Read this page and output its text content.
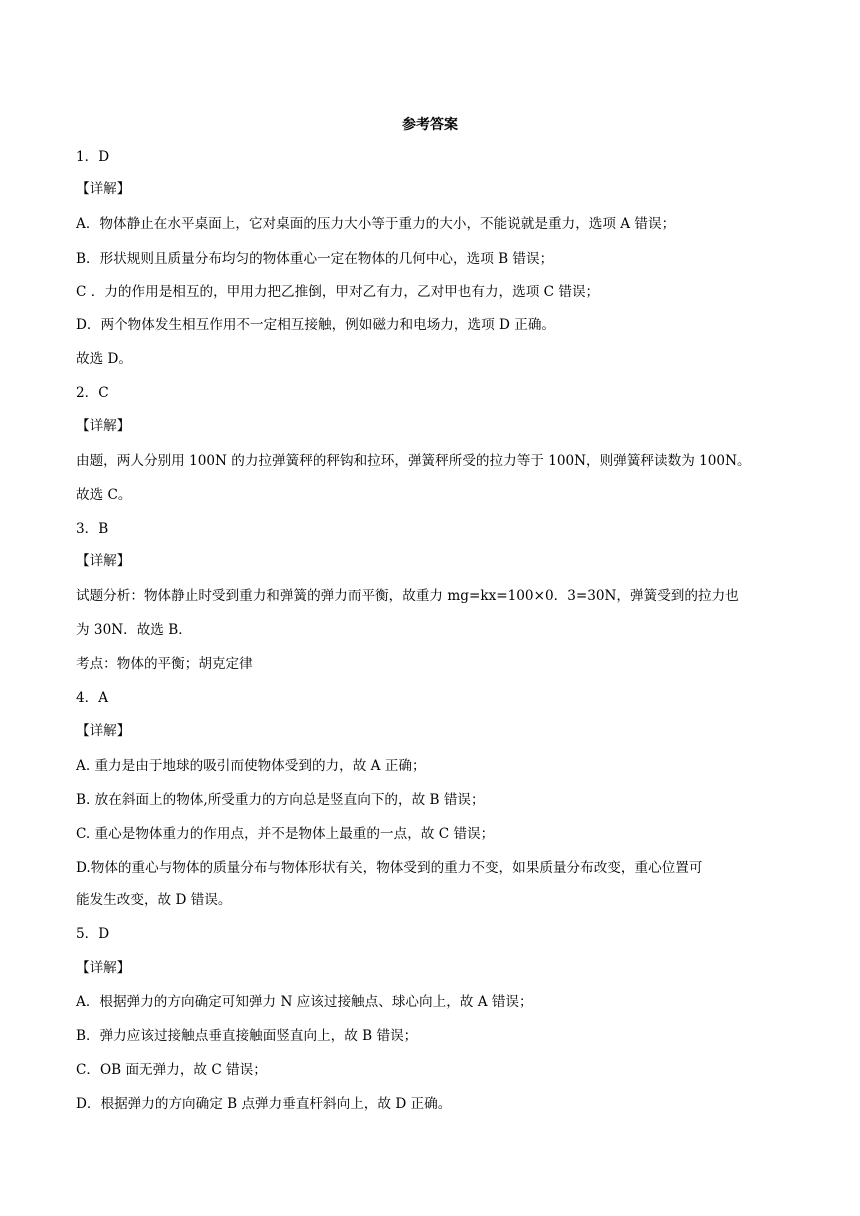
参考答案
1．D
【详解】
A．物体静止在水平桌面上，它对桌面的压力大小等于重力的大小，不能说就是重力，选项 A 错误；
B．形状规则且质量分布均匀的物体重心一定在物体的几何中心，选项 B 错误；
C ．力的作用是相互的，甲用力把乙推倒，甲对乙有力，乙对甲也有力，选项 C 错误；
D．两个物体发生相互作用不一定相互接触，例如磁力和电场力，选项 D 正确。
故选 D。
2．C
【详解】
由题，两人分别用 100N 的力拉弹簧秤的秤钩和拉环，弹簧秤所受的拉力等于 100N，则弹簧秤读数为 100N。
故选 C。
3．B
【详解】
试题分析：物体静止时受到重力和弹簧的弹力而平衡，故重力 mg=kx=100×0．3=30N，弹簧受到的拉力也
为 30N．故选 B．
考点：物体的平衡；胡克定律
4．A
【详解】
A. 重力是由于地球的吸引而使物体受到的力，故 A 正确；
B. 放在斜面上的物体,所受重力的方向总是竖直向下的，故 B 错误；
C. 重心是物体重力的作用点，并不是物体上最重的一点，故 C 错误；
D.物体的重心与物体的质量分布与物体形状有关，物体受到的重力不变，如果质量分布改变，重心位置可
能发生改变，故 D 错误。
5．D
【详解】
A．根据弹力的方向确定可知弹力 N 应该过接触点、球心向上，故 A 错误；
B．弹力应该过接触点垂直接触面竖直向上，故 B 错误；
C．OB 面无弹力，故 C 错误；
D．根据弹力的方向确定 B 点弹力垂直杆斜向上，故 D 正确。
